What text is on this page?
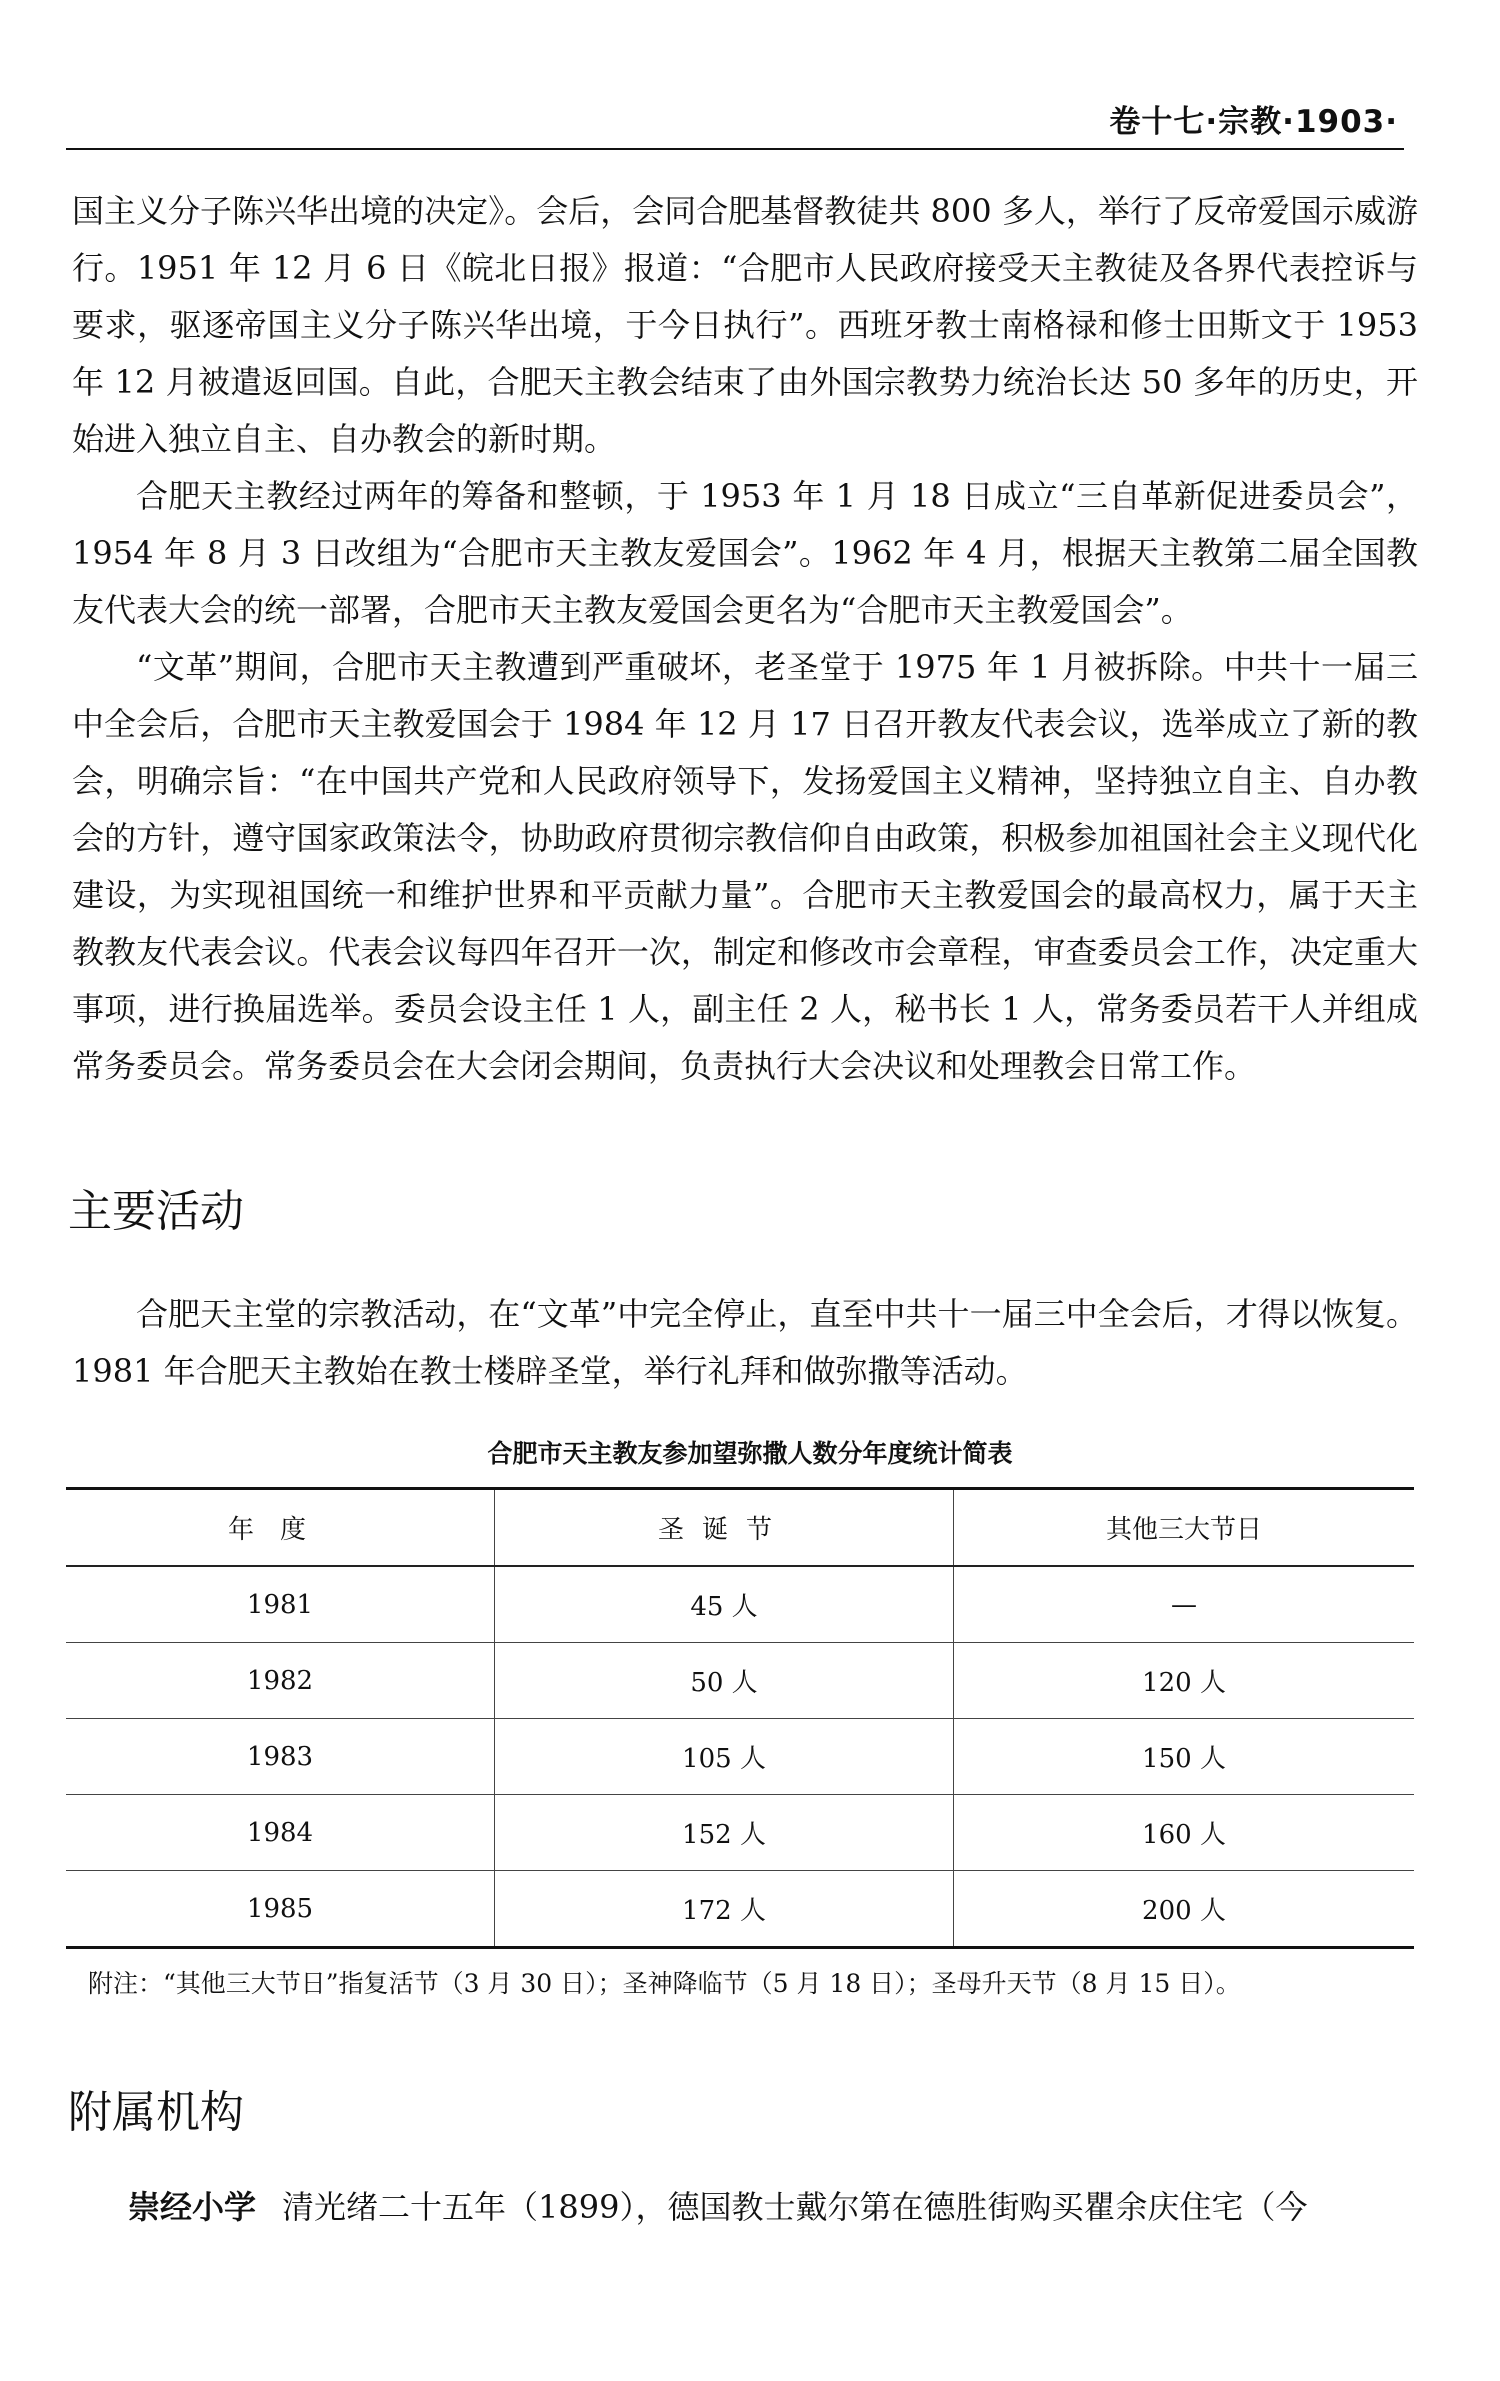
卷十七·宗教·1903·

国主义分子陈兴华出境的决定》。会后，会同合肥基督教徒共 800 多人，举行了反帝爱国示威游行。1951 年 12 月 6 日《皖北日报》报道：“合肥市人民政府接受天主教徒及各界代表控诉与要求，驱逐帝国主义分子陈兴华出境，于今日执行”。西班牙教士南格禄和修士田斯文于 1953 年 12 月被遣返回国。自此，合肥天主教会结束了由外国宗教势力统治长达 50 多年的历史，开始进入独立自主、自办教会的新时期。

合肥天主教经过两年的筹备和整顿，于 1953 年 1 月 18 日成立“三自革新促进委员会”，1954 年 8 月 3 日改组为“合肥市天主教友爱国会”。1962 年 4 月，根据天主教第二届全国教友代表大会的统一部署，合肥市天主教友爱国会更名为“合肥市天主教爱国会”。

“文革”期间，合肥市天主教遭到严重破坏，老圣堂于 1975 年 1 月被拆除。中共十一届三中全会后，合肥市天主教爱国会于 1984 年 12 月 17 日召开教友代表会议，选举成立了新的教会，明确宗旨：“在中国共产党和人民政府领导下，发扬爱国主义精神，坚持独立自主、自办教会的方针，遵守国家政策法令，协助政府贯彻宗教信仰自由政策，积极参加祖国社会主义现代化建设，为实现祖国统一和维护世界和平贡献力量”。合肥市天主教爱国会的最高权力，属于天主教教友代表会议。代表会议每四年召开一次，制定和修改市会章程，审查委员会工作，决定重大事项，进行换届选举。委员会设主任 1 人，副主任 2 人，秘书长 1 人，常务委员若干人并组成常务委员会。常务委员会在大会闭会期间，负责执行大会决议和处理教会日常工作。

主要活动

合肥天主堂的宗教活动，在“文革”中完全停止，直至中共十一届三中全会后，才得以恢复。1981 年合肥天主教始在教士楼辟圣堂，举行礼拜和做弥撒等活动。

合肥市天主教友参加望弥撒人数分年度统计简表
年度	圣诞节	其他三大节日
1981	45 人	—
1982	50 人	120 人
1983	105 人	150 人
1984	152 人	160 人
1985	172 人	200 人
附注：“其他三大节日”指复活节（3 月 30 日）；圣神降临节（5 月 18 日）；圣母升天节（8 月 15 日）。
附属机构
崇经小学 清光绪二十五年（1899），德国教士戴尔第在德胜街购买瞿余庆住宅（今
